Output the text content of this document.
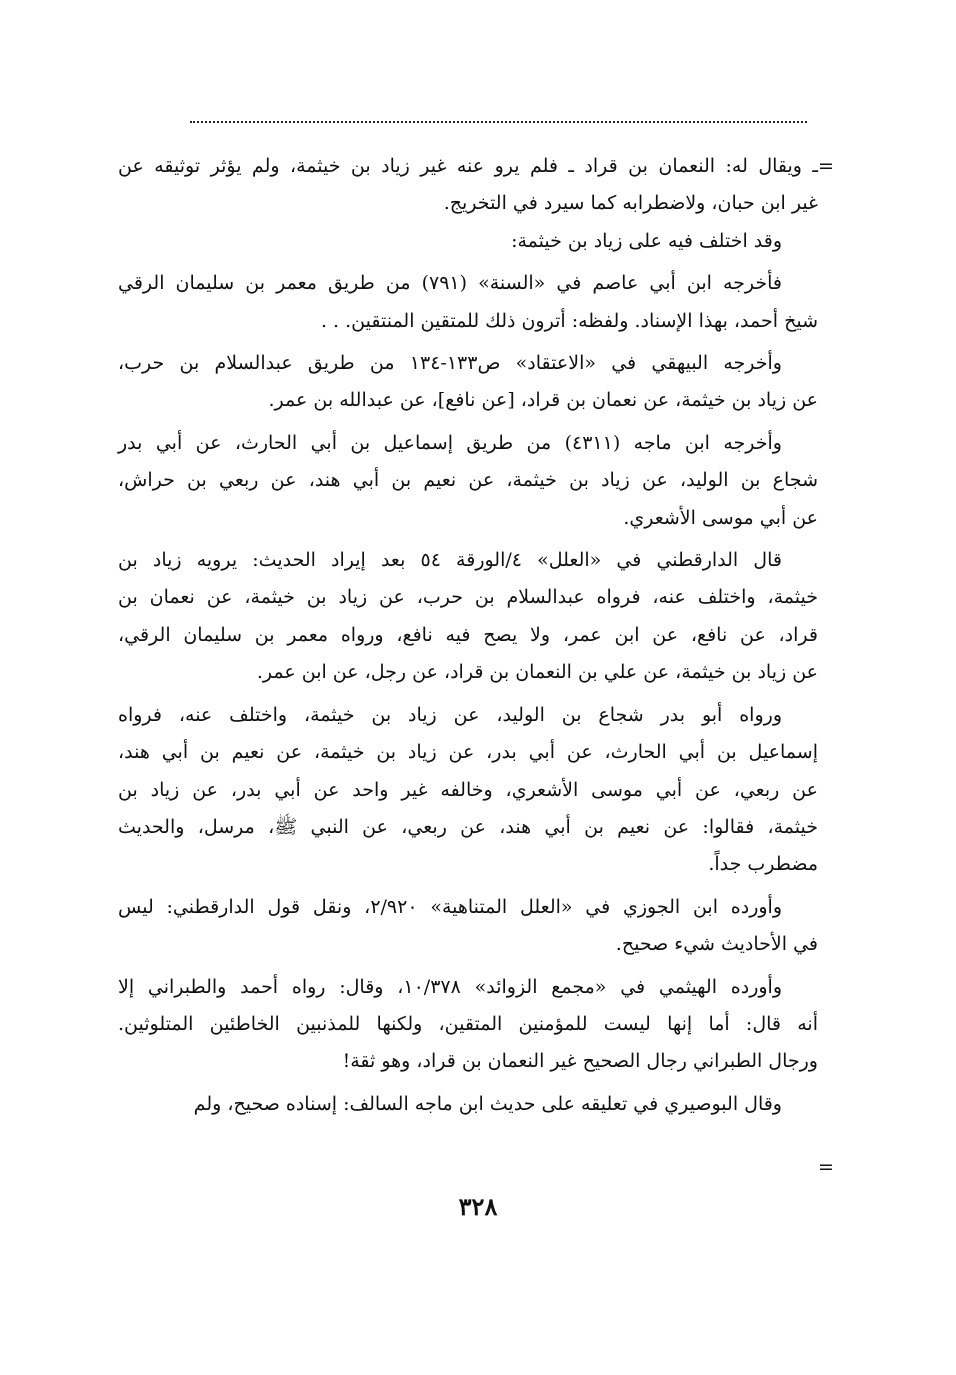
=
=
ـ ويقال له: النعمان بن قراد ـ فلم يرو عنه غير زياد بن خيثمة، ولم يؤثر توثيقه عن
غير ابن حبان، ولاضطرابه كما سيرد في التخريج.
وقد اختلف فيه على زياد بن خيثمة:
فأخرجه ابن أبي عاصم في «السنة» (٧٩١) من طريق معمر بن سليمان الرقي
شيخ أحمد، بهذا الإسناد. ولفظه: أترون ذلك للمتقين المنتقين. . .
وأخرجه البيهقي في «الاعتقاد» ص١٣٣-١٣٤ من طريق عبدالسلام بن حرب،
عن زياد بن خيثمة، عن نعمان بن قراد، [عن نافع]، عن عبدالله بن عمر.
وأخرجه ابن ماجه (٤٣١١) من طريق إسماعيل بن أبي الحارث، عن أبي بدر
شجاع بن الوليد، عن زياد بن خيثمة، عن نعيم بن أبي هند، عن ربعي بن حراش،
عن أبي موسى الأشعري.
قال الدارقطني في «العلل» ٤/الورقة ٥٤ بعد إيراد الحديث: يرويه زياد بن
خيثمة، واختلف عنه، فرواه عبدالسلام بن حرب، عن زياد بن خيثمة، عن نعمان بن
قراد، عن نافع، عن ابن عمر، ولا يصح فيه نافع، ورواه معمر بن سليمان الرقي،
عن زياد بن خيثمة، عن علي بن النعمان بن قراد، عن رجل، عن ابن عمر.
ورواه أبو بدر شجاع بن الوليد، عن زياد بن خيثمة، واختلف عنه، فرواه
إسماعيل بن أبي الحارث، عن أبي بدر، عن زياد بن خيثمة، عن نعيم بن أبي هند،
عن ربعي، عن أبي موسى الأشعري، وخالفه غير واحد عن أبي بدر، عن زياد بن
خيثمة، فقالوا: عن نعيم بن أبي هند، عن ربعي، عن النبي ﷺ، مرسل، والحديث
مضطرب جداً.
وأورده ابن الجوزي في «العلل المتناهية» ٢/٩٢٠، ونقل قول الدارقطني: ليس
في الأحاديث شيء صحيح.
وأورده الهيثمي في «مجمع الزوائد» ١٠/٣٧٨، وقال: رواه أحمد والطبراني إلا
أنه قال: أما إنها ليست للمؤمنين المتقين، ولكنها للمذنبين الخاطئين المتلوثين.
ورجال الطبراني رجال الصحيح غير النعمان بن قراد، وهو ثقة!
وقال البوصيري في تعليقه على حديث ابن ماجه السالف: إسناده صحيح، ولم
٣٢٨
